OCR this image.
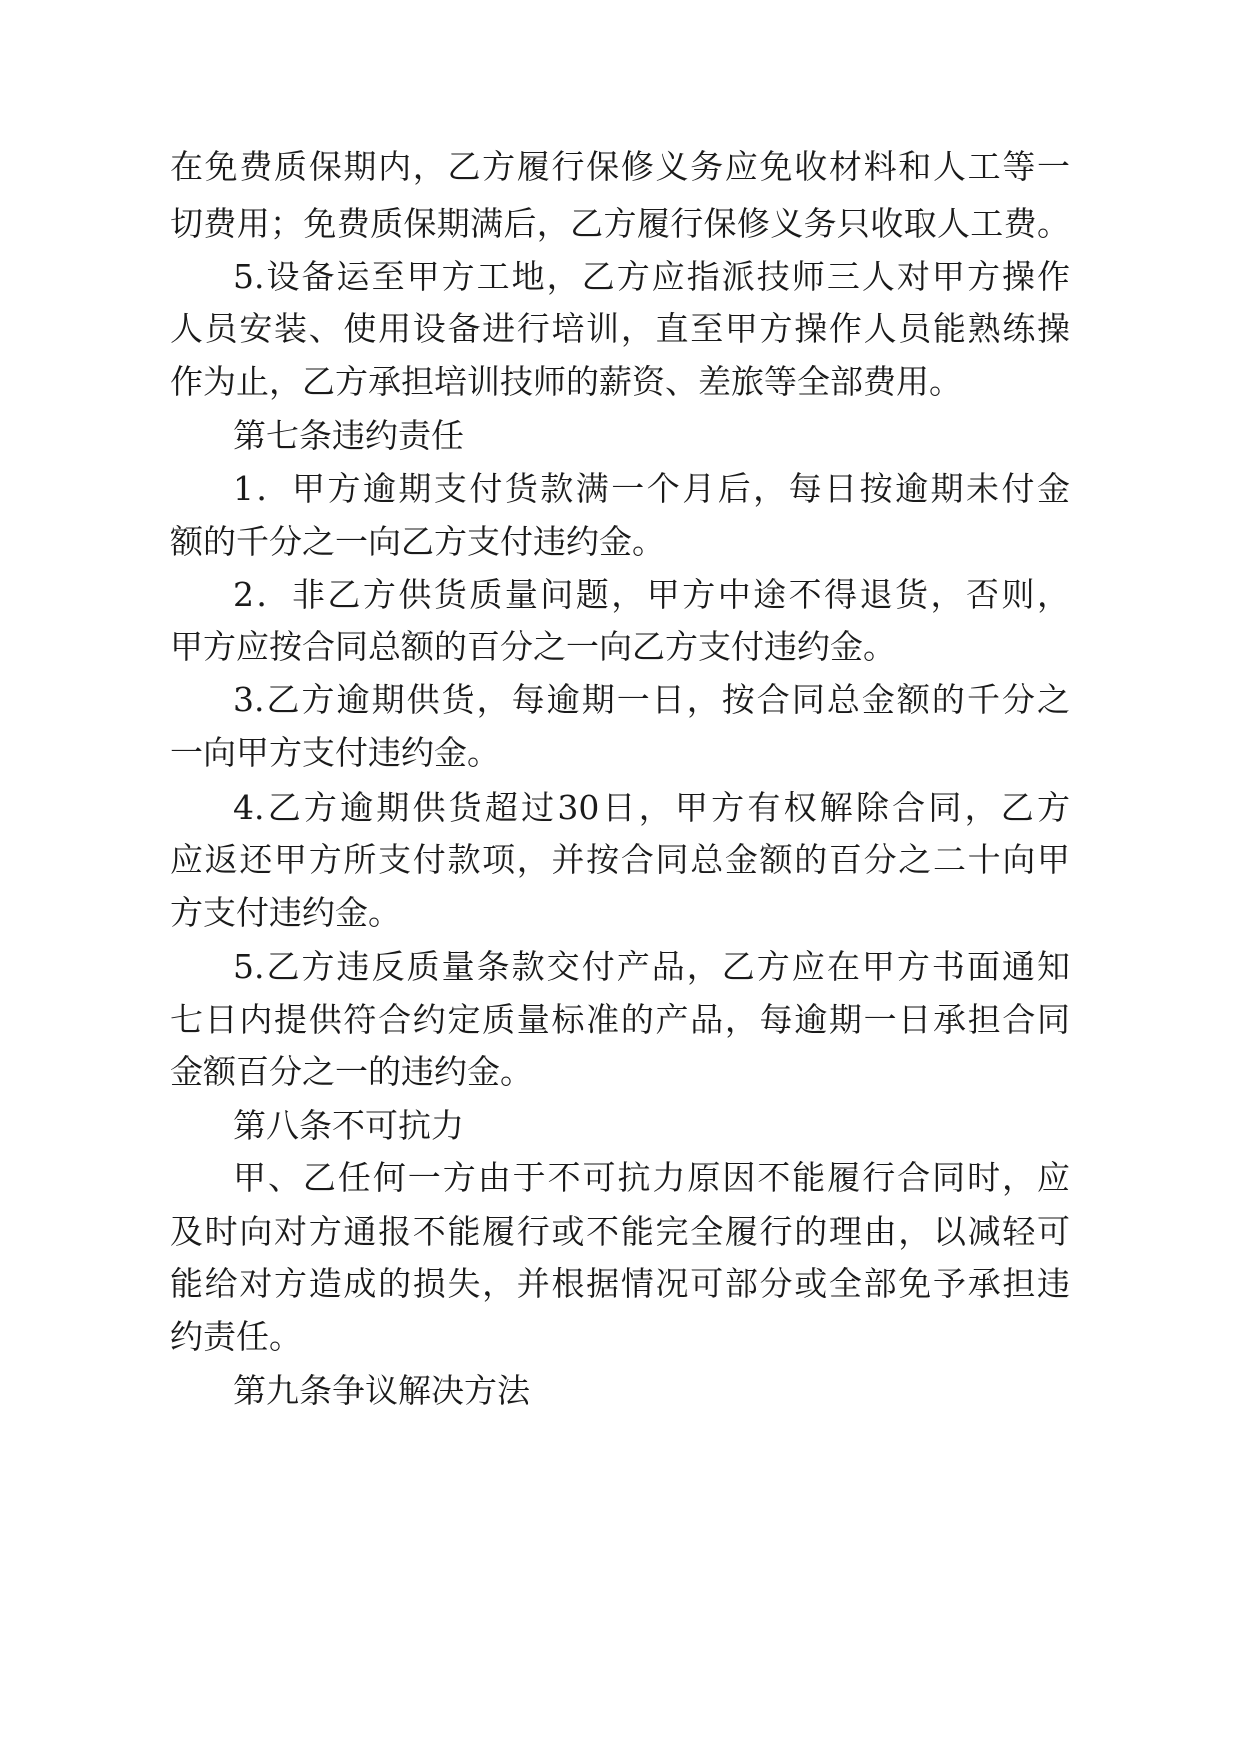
在免费质保期内，乙方履行保修义务应免收材料和人工等一
切费用；免费质保期满后，乙方履行保修义务只收取人工费。
5.设备运至甲方工地，乙方应指派技师三人对甲方操作
人员安装、使用设备进行培训，直至甲方操作人员能熟练操
作为止，乙方承担培训技师的薪资、差旅等全部费用。
第七条违约责任
1．甲方逾期支付货款满一个月后，每日按逾期未付金
额的千分之一向乙方支付违约金。
2．非乙方供货质量问题，甲方中途不得退货，否则，
甲方应按合同总额的百分之一向乙方支付违约金。
3.乙方逾期供货，每逾期一日，按合同总金额的千分之
一向甲方支付违约金。
4.乙方逾期供货超过30日，甲方有权解除合同，乙方
应返还甲方所支付款项，并按合同总金额的百分之二十向甲
方支付违约金。
5.乙方违反质量条款交付产品，乙方应在甲方书面通知
七日内提供符合约定质量标准的产品，每逾期一日承担合同
金额百分之一的违约金。
第八条不可抗力
甲、乙任何一方由于不可抗力原因不能履行合同时，应
及时向对方通报不能履行或不能完全履行的理由，以减轻可
能给对方造成的损失，并根据情况可部分或全部免予承担违
约责任。
第九条争议解决方法
